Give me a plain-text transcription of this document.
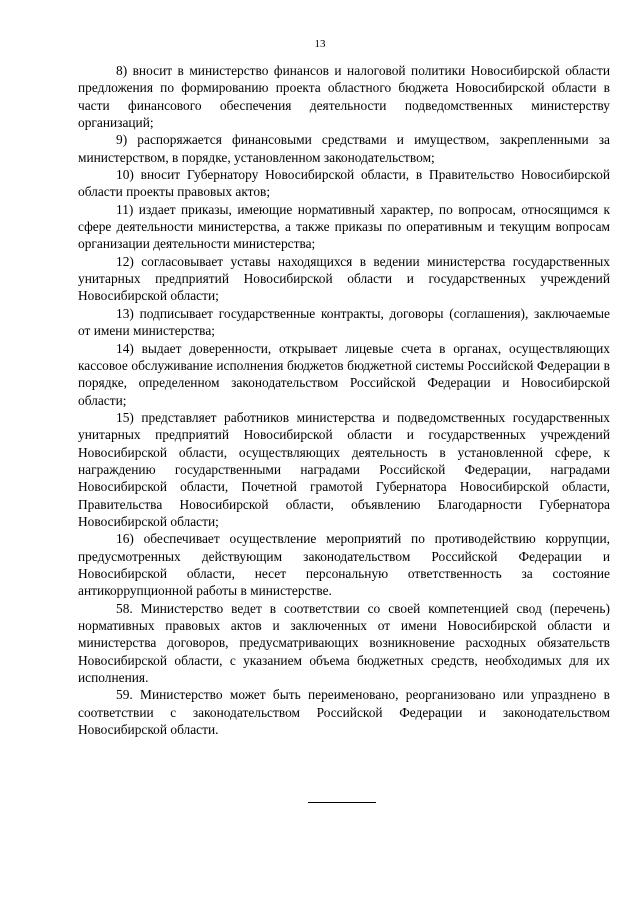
13

8) вносит в министерство финансов и налоговой политики Новосибирской области предложения по формированию проекта областного бюджета Новосибирской области в части финансового обеспечения деятельности подведомственных министерству организаций;

9) распоряжается финансовыми средствами и имуществом, закрепленными за министерством, в порядке, установленном законодательством;

10) вносит Губернатору Новосибирской области, в Правительство Новосибирской области проекты правовых актов;

11) издает приказы, имеющие нормативный характер, по вопросам, относящимся к сфере деятельности министерства, а также приказы по оперативным и текущим вопросам организации деятельности министерства;

12) согласовывает уставы находящихся в ведении министерства государственных унитарных предприятий Новосибирской области и государственных учреждений Новосибирской области;

13) подписывает государственные контракты, договоры (соглашения), заключаемые от имени министерства;

14) выдает доверенности, открывает лицевые счета в органах, осуществляющих кассовое обслуживание исполнения бюджетов бюджетной системы Российской Федерации в порядке, определенном законодательством Российской Федерации и Новосибирской области;

15) представляет работников министерства и подведомственных государственных унитарных предприятий Новосибирской области и государственных учреждений Новосибирской области, осуществляющих деятельность в установленной сфере, к награждению государственными наградами Российской Федерации, наградами Новосибирской области, Почетной грамотой Губернатора Новосибирской области, Правительства Новосибирской области, объявлению Благодарности Губернатора Новосибирской области;

16) обеспечивает осуществление мероприятий по противодействию коррупции, предусмотренных действующим законодательством Российской Федерации и Новосибирской области, несет персональную ответственность за состояние антикоррупционной работы в министерстве.

58. Министерство ведет в соответствии со своей компетенцией свод (перечень) нормативных правовых актов и заключенных от имени Новосибирской области и министерства договоров, предусматривающих возникновение расходных обязательств Новосибирской области, с указанием объема бюджетных средств, необходимых для их исполнения.

59. Министерство может быть переименовано, реорганизовано или упразднено в соответствии с законодательством Российской Федерации и законодательством Новосибирской области.
